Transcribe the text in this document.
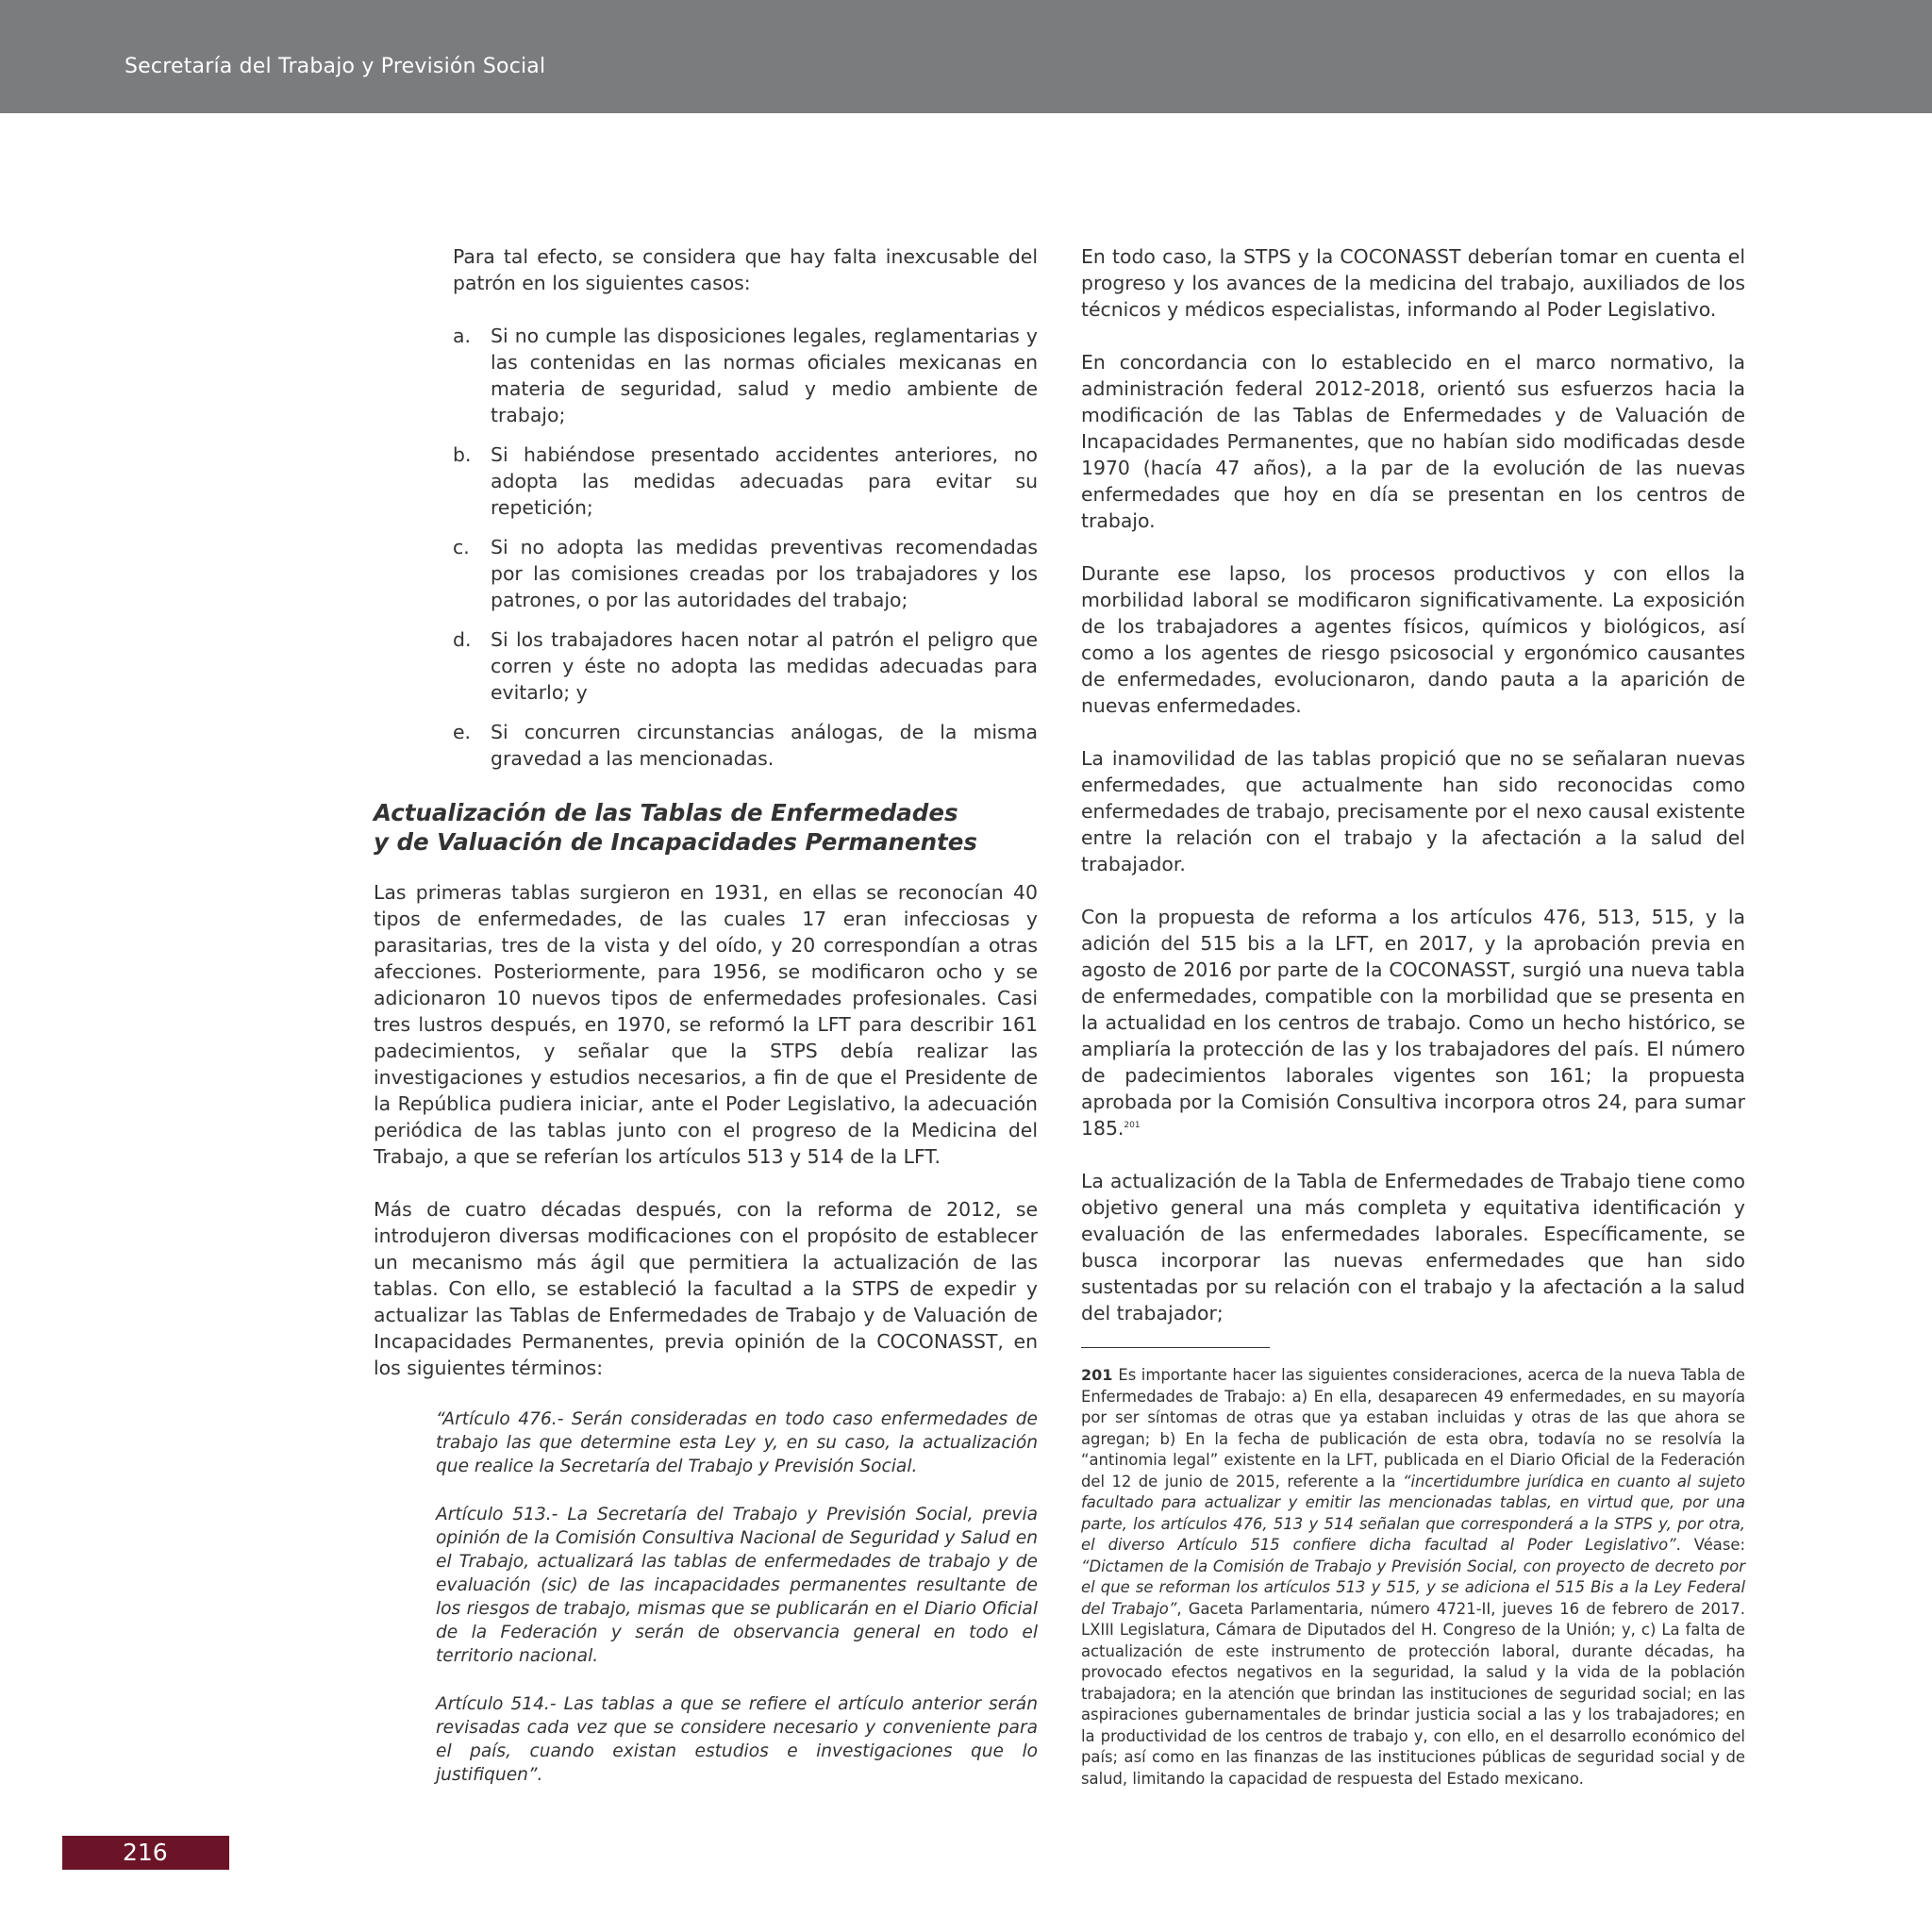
Secretaría del Trabajo y Previsión Social

Para tal efecto, se considera que hay falta inexcusable del patrón en los siguientes casos:

a. Si no cumple las disposiciones legales, reglamentarias y las contenidas en las normas oficiales mexicanas en materia de seguridad, salud y medio ambiente de trabajo;
b. Si habiéndose presentado accidentes anteriores, no adopta las medidas adecuadas para evitar su repetición;
c. Si no adopta las medidas preventivas recomendadas por las comisiones creadas por los trabajadores y los patrones, o por las autoridades del trabajo;
d. Si los trabajadores hacen notar al patrón el peligro que corren y éste no adopta las medidas adecuadas para evitarlo; y
e. Si concurren circunstancias análogas, de la misma gravedad a las mencionadas.
Actualización de las Tablas de Enfermedades
y de Valuación de Incapacidades Permanentes

Las primeras tablas surgieron en 1931, en ellas se reconocían 40 tipos de enfermedades, de las cuales 17 eran infecciosas y parasitarias, tres de la vista y del oído, y 20 correspondían a otras afecciones. Posteriormente, para 1956, se modificaron ocho y se adicionaron 10 nuevos tipos de enfermedades profesionales. Casi tres lustros después, en 1970, se reformó la LFT para describir 161 padecimientos, y señalar que la STPS debía realizar las investigaciones y estudios necesarios, a fin de que el Presidente de la República pudiera iniciar, ante el Poder Legislativo, la adecuación periódica de las tablas junto con el progreso de la Medicina del Trabajo, a que se referían los artículos 513 y 514 de la LFT.

Más de cuatro décadas después, con la reforma de 2012, se introdujeron diversas modificaciones con el propósito de establecer un mecanismo más ágil que permitiera la actualización de las tablas. Con ello, se estableció la facultad a la STPS de expedir y actualizar las Tablas de Enfermedades de Trabajo y de Valuación de Incapacidades Permanentes, previa opinión de la COCONASST, en los siguientes términos:

“Artículo 476.- Serán consideradas en todo caso enfermedades de trabajo las que determine esta Ley y, en su caso, la actualización que realice la Secretaría del Trabajo y Previsión Social.

Artículo 513.- La Secretaría del Trabajo y Previsión Social, previa opinión de la Comisión Consultiva Nacional de Seguridad y Salud en el Trabajo, actualizará las tablas de enfermedades de trabajo y de evaluación (sic) de las incapacidades permanentes resultante de los riesgos de trabajo, mismas que se publicarán en el Diario Oficial de la Federación y serán de observancia general en todo el territorio nacional.

Artículo 514.- Las tablas a que se refiere el artículo anterior serán revisadas cada vez que se considere necesario y conveniente para el país, cuando existan estudios e investigaciones que lo justifiquen”.

En todo caso, la STPS y la COCONASST deberían tomar en cuenta el progreso y los avances de la medicina del trabajo, auxiliados de los técnicos y médicos especialistas, informando al Poder Legislativo.

En concordancia con lo establecido en el marco normativo, la administración federal 2012-2018, orientó sus esfuerzos hacia la modificación de las Tablas de Enfermedades y de Valuación de Incapacidades Permanentes, que no habían sido modificadas desde 1970 (hacía 47 años), a la par de la evolución de las nuevas enfermedades que hoy en día se presentan en los centros de trabajo.

Durante ese lapso, los procesos productivos y con ellos la morbilidad laboral se modificaron significativamente. La exposición de los trabajadores a agentes físicos, químicos y biológicos, así como a los agentes de riesgo psicosocial y ergonómico causantes de enfermedades, evolucionaron, dando pauta a la aparición de nuevas enfermedades.

La inamovilidad de las tablas propició que no se señalaran nuevas enfermedades, que actualmente han sido reconocidas como enfermedades de trabajo, precisamente por el nexo causal existente entre la relación con el trabajo y la afectación a la salud del trabajador.

Con la propuesta de reforma a los artículos 476, 513, 515, y la adición del 515 bis a la LFT, en 2017, y la aprobación previa en agosto de 2016 por parte de la COCONASST, surgió una nueva tabla de enfermedades, compatible con la morbilidad que se presenta en la actualidad en los centros de trabajo. Como un hecho histórico, se ampliaría la protección de las y los trabajadores del país. El número de padecimientos laborales vigentes son 161; la propuesta aprobada por la Comisión Consultiva incorpora otros 24, para sumar 185.$^{201}$

La actualización de la Tabla de Enfermedades de Trabajo tiene como objetivo general una más completa y equitativa identificación y evaluación de las enfermedades laborales. Específicamente, se busca incorporar las nuevas enfermedades que han sido sustentadas por su relación con el trabajo y la afectación a la salud del trabajador;

201 Es importante hacer las siguientes consideraciones, acerca de la nueva Tabla de Enfermedades de Trabajo: a) En ella, desaparecen 49 enfermedades, en su mayoría por ser síntomas de otras que ya estaban incluidas y otras de las que ahora se agregan; b) En la fecha de publicación de esta obra, todavía no se resolvía la “antinomia legal” existente en la LFT, publicada en el Diario Oficial de la Federación del 12 de junio de 2015, referente a la “incertidumbre jurídica en cuanto al sujeto facultado para actualizar y emitir las mencionadas tablas, en virtud que, por una parte, los artículos 476, 513 y 514 señalan que corresponderá a la STPS y, por otra, el diverso Artículo 515 confiere dicha facultad al Poder Legislativo”. Véase: “Dictamen de la Comisión de Trabajo y Previsión Social, con proyecto de decreto por el que se reforman los artículos 513 y 515, y se adiciona el 515 Bis a la Ley Federal del Trabajo”, Gaceta Parlamentaria, número 4721-II, jueves 16 de febrero de 2017. LXIII Legislatura, Cámara de Diputados del H. Congreso de la Unión; y, c) La falta de actualización de este instrumento de protección laboral, durante décadas, ha provocado efectos negativos en la seguridad, la salud y la vida de la población trabajadora; en la atención que brindan las instituciones de seguridad social; en las aspiraciones gubernamentales de brindar justicia social a las y los trabajadores; en la productividad de los centros de trabajo y, con ello, en el desarrollo económico del país; así como en las finanzas de las instituciones públicas de seguridad social y de salud, limitando la capacidad de respuesta del Estado mexicano.
216
